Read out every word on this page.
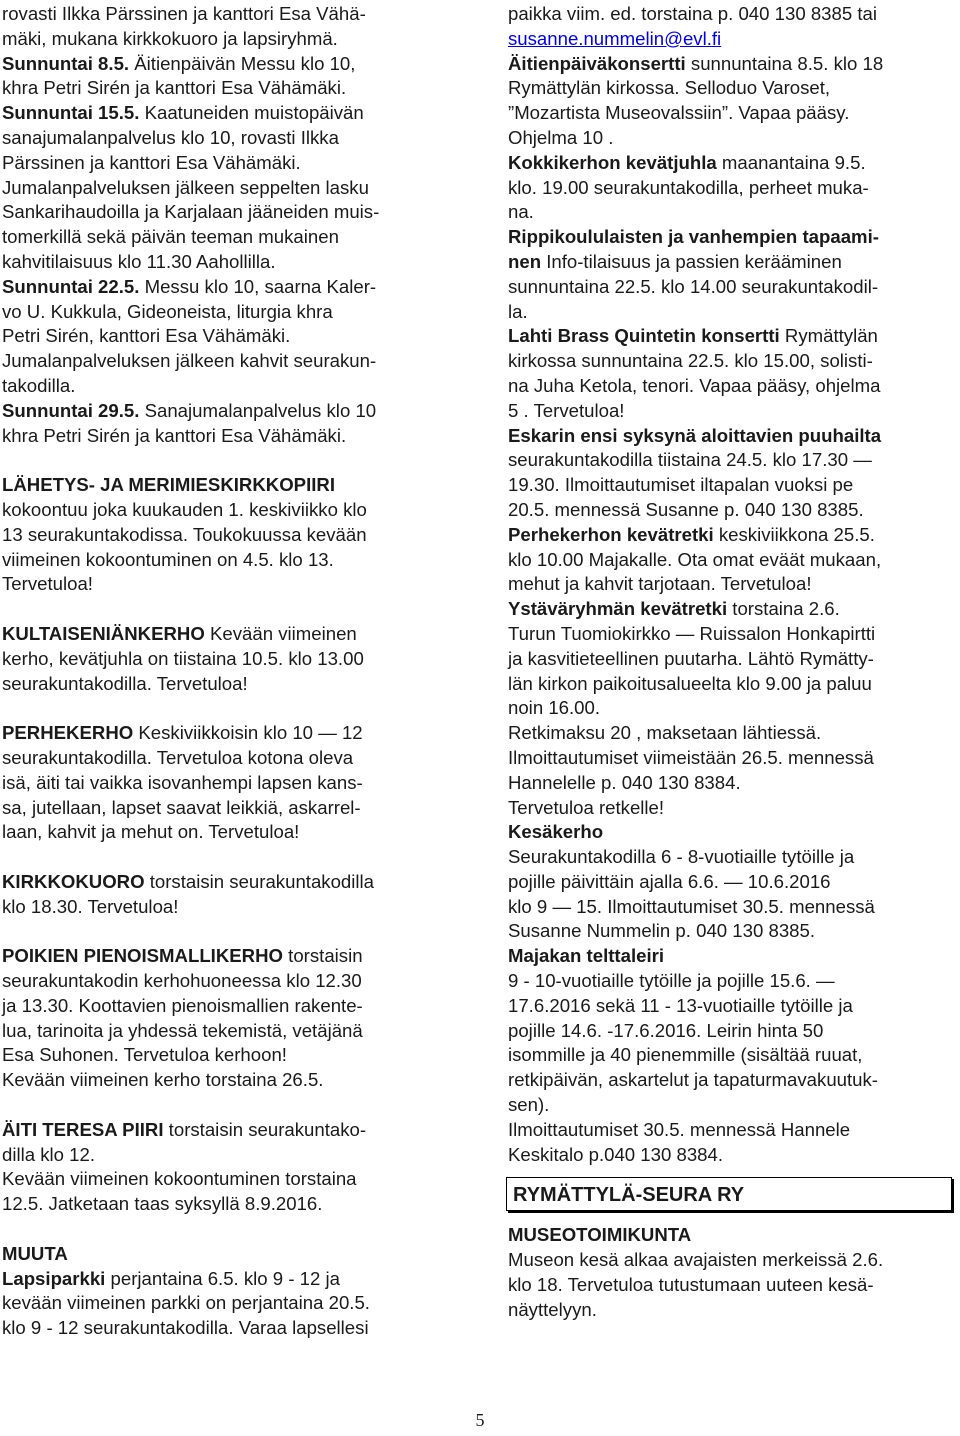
rovasti Ilkka Pärssinen ja kanttori Esa Vähä-
mäki, mukana kirkkokuoro ja lapsiryhmä.
Sunnuntai 8.5. Äitienpäivän Messu klo 10,
khra Petri Sirén ja kanttori Esa Vähämäki.
Sunnuntai 15.5. Kaatuneiden muistopäivän
sanajumalanpalvelus klo 10, rovasti Ilkka
Pärssinen ja kanttori Esa Vähämäki.
Jumalanpalveluksen jälkeen seppelten lasku
Sankarihaudoilla ja Karjalaan jääneiden muis-
tomerkillä sekä päivän teeman mukainen
kahvitilaisuus klo 11.30 Aahollilla.
Sunnuntai 22.5. Messu klo 10, saarna Kaler-
vo U. Kukkula, Gideoneista, liturgia khra
Petri Sirén, kanttori Esa Vähämäki.
Jumalanpalveluksen jälkeen kahvit seurakun-
takodilla.
Sunnuntai 29.5. Sanajumalanpalvelus klo 10
khra Petri Sirén ja kanttori Esa Vähämäki.
LÄHETYS- JA MERIMIESKIRKKOPIIRI
kokoontuu joka kuukauden 1. keskiviikko klo
13 seurakuntakodissa. Toukokuussa kevään
viimeinen kokoontuminen on 4.5. klo 13.
Tervetuloa!
KULTAISENIÄNKERHO Kevään viimeinen
kerho, kevätjuhla on tiistaina 10.5. klo 13.00
seurakuntakodilla. Tervetuloa!
PERHEKERHO Keskiviikkoisin klo 10 — 12
seurakuntakodilla. Tervetuloa kotona oleva
isä, äiti tai vaikka isovanhempi lapsen kans-
sa, jutellaan, lapset saavat leikkiä, askarrel-
laan, kahvit ja mehut on. Tervetuloa!
KIRKKOKUORO torstaisin seurakuntakodilla
klo 18.30. Tervetuloa!
POIKIEN PIENOISMALLIKERHO torstaisin
seurakuntakodin kerhohuoneessa klo 12.30
ja 13.30. Koottavien pienoismallien rakente-
lua, tarinoita ja yhdessä tekemistä, vetäjänä
Esa Suhonen. Tervetuloa kerhoon!
Kevään viimeinen kerho torstaina 26.5.
ÄITI TERESA PIIRI torstaisin seurakuntako-
dilla klo 12.
Kevään viimeinen kokoontuminen torstaina
12.5. Jatketaan taas syksyllä 8.9.2016.
MUUTA
Lapsiparkki perjantaina 6.5. klo 9 - 12 ja
kevään viimeinen parkki on perjantaina 20.5.
klo 9 - 12 seurakuntakodilla. Varaa lapsellesi
paikka viim. ed. torstaina p. 040 130 8385 tai
susanne.nummelin@evl.fi
Äitienpäiväkonsertti sunnuntaina 8.5. klo 18
Rymättylän kirkossa. Selloduo Varoset,
”Mozartista Museovalssiin”. Vapaa pääsy.
Ohjelma 10 .
Kokkikerhon kevätjuhla maanantaina 9.5.
klo. 19.00 seurakuntakodilla, perheet muka-
na.
Rippikoululaisten ja vanhempien tapaami-
nen Info-tilaisuus ja passien kerääminen
sunnuntaina 22.5. klo 14.00 seurakuntakodil-
la.
Lahti Brass Quintetin konsertti Rymättylän
kirkossa sunnuntaina 22.5. klo 15.00, solisti-
na Juha Ketola, tenori. Vapaa pääsy, ohjelma
5 . Tervetuloa!
Eskarin ensi syksynä aloittavien puuhailta
seurakuntakodilla tiistaina 24.5. klo 17.30 —
19.30. Ilmoittautumiset iltapalan vuoksi pe
20.5. mennessä Susanne p. 040 130 8385.
Perhekerhon kevätretki keskiviikkona 25.5.
klo 10.00 Majakalle. Ota omat eväät mukaan,
mehut ja kahvit tarjotaan. Tervetuloa!
Ystäväryhmän kevätretki torstaina 2.6.
Turun Tuomiokirkko — Ruissalon Honkapirtti
ja kasvitieteellinen puutarha. Lähtö Rymätty-
län kirkon paikoitusalueelta klo 9.00 ja paluu
noin 16.00.
Retkimaksu 20 , maksetaan lähtiessä.
Ilmoittautumiset viimeistään 26.5. mennessä
Hannelelle p. 040 130 8384.
Tervetuloa retkelle!
Kesäkerho
Seurakuntakodilla 6 - 8-vuotiaille tytöille ja
pojille päivittäin ajalla 6.6. — 10.6.2016
klo 9 — 15. Ilmoittautumiset 30.5. mennessä
Susanne Nummelin p. 040 130 8385.
Majakan telttaleiri
9 - 10-vuotiaille tytöille ja pojille 15.6. —
17.6.2016 sekä 11 - 13-vuotiaille tytöille ja
pojille 14.6. -17.6.2016. Leirin hinta 50
isommille ja 40 pienemmille (sisältää ruuat,
retkipäivän, askartelut ja tapaturmavakuutuk-
sen).
Ilmoittautumiset 30.5. mennessä Hannele
Keskitalo p.040 130 8384.
RYMÄTTYLÄ-SEURA RY
MUSEOTOIMIKUNTA
Museon kesä alkaa avajaisten merkeissä 2.6.
klo 18. Tervetuloa tutustumaan uuteen kesä-
näyttelyyn.
5
